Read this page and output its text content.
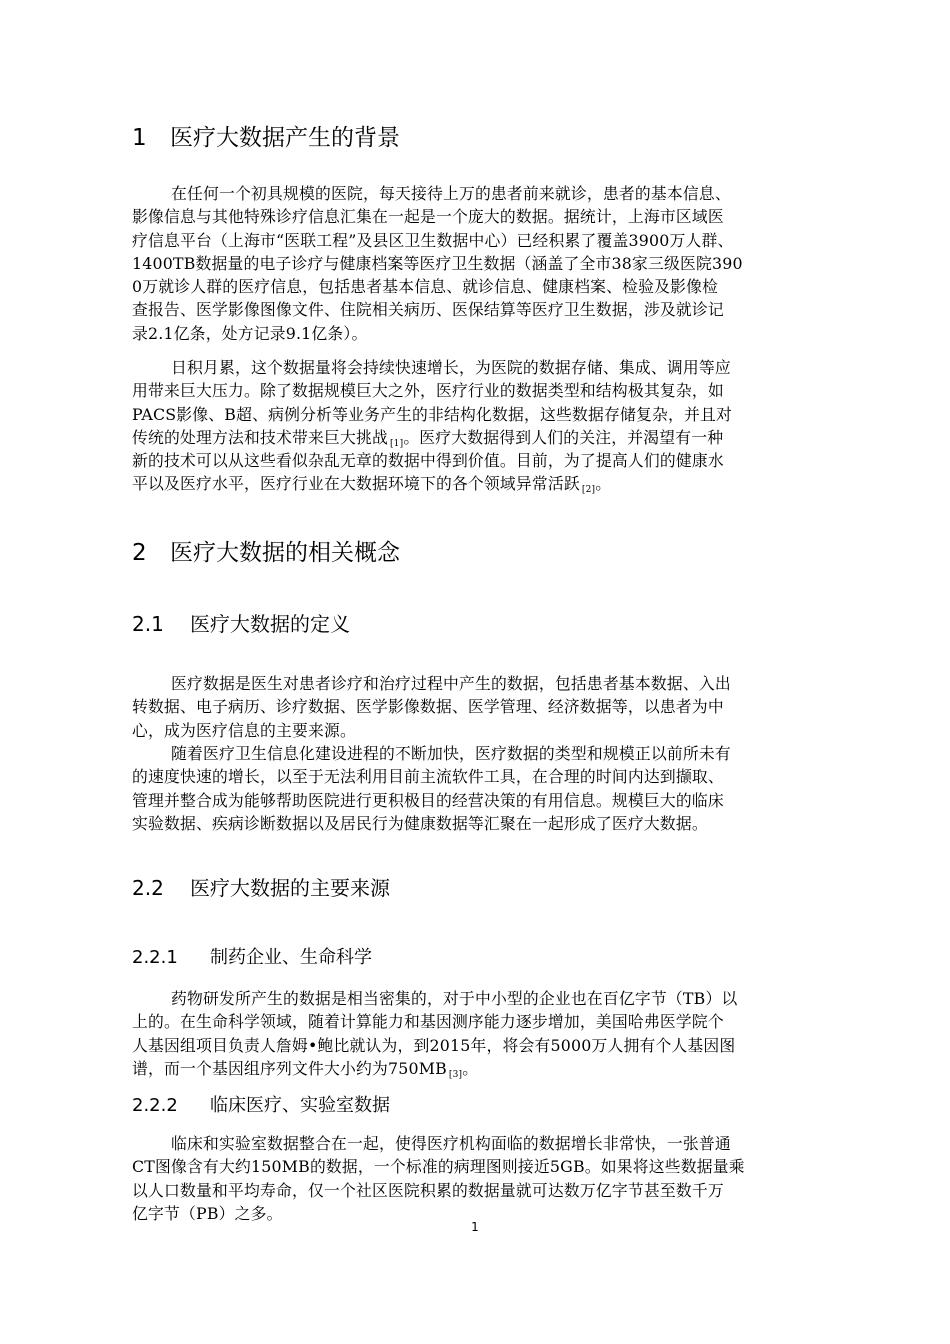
1 医疗大数据产生的背景
在任何一个初具规模的医院，每天接待上万的患者前来就诊，患者的基本信息、
影像信息与其他特殊诊疗信息汇集在一起是一个庞大的数据。据统计，上海市区域医
疗信息平台（上海市“医联工程”及县区卫生数据中心）已经积累了覆盖3900万人群、
1400TB数据量的电子诊疗与健康档案等医疗卫生数据（涵盖了全市38家三级医院390
0万就诊人群的医疗信息，包括患者基本信息、就诊信息、健康档案、检验及影像检
查报告、医学影像图像文件、住院相关病历、医保结算等医疗卫生数据，涉及就诊记
录2.1亿条，处方记录9.1亿条）。
日积月累，这个数据量将会持续快速增长，为医院的数据存储、集成、调用等应
用带来巨大压力。除了数据规模巨大之外，医疗行业的数据类型和结构极其复杂，如
PACS影像、B超、病例分析等业务产生的非结构化数据，这些数据存储复杂，并且对
传统的处理方法和技术带来巨大挑战 [1]。医疗大数据得到人们的关注，并渴望有一种
新的技术可以从这些看似杂乱无章的数据中得到价值。目前，为了提高人们的健康水
平以及医疗水平，医疗行业在大数据环境下的各个领域异常活跃 [2]。
2 医疗大数据的相关概念
2.1 医疗大数据的定义
医疗数据是医生对患者诊疗和治疗过程中产生的数据，包括患者基本数据、入出
转数据、电子病历、诊疗数据、医学影像数据、医学管理、经济数据等，以患者为中
心，成为医疗信息的主要来源。
随着医疗卫生信息化建设进程的不断加快，医疗数据的类型和规模正以前所未有
的速度快速的增长，以至于无法利用目前主流软件工具，在合理的时间内达到撷取、
管理并整合成为能够帮助医院进行更积极目的经营决策的有用信息。规模巨大的临床
实验数据、疾病诊断数据以及居民行为健康数据等汇聚在一起形成了医疗大数据。
2.2 医疗大数据的主要来源
2.2.1 制药企业、生命科学
药物研发所产生的数据是相当密集的，对于中小型的企业也在百亿字节（TB）以
上的。在生命科学领域，随着计算能力和基因测序能力逐步增加，美国哈弗医学院个
人基因组项目负责人詹姆•鲍比就认为，到2015年，将会有5000万人拥有个人基因图
谱，而一个基因组序列文件大小约为750MB [3]。
2.2.2 临床医疗、实验室数据
临床和实验室数据整合在一起，使得医疗机构面临的数据增长非常快，一张普通
CT图像含有大约150MB的数据，一个标准的病理图则接近5GB。如果将这些数据量乘
以人口数量和平均寿命，仅一个社区医院积累的数据量就可达数万亿字节甚至数千万
亿字节（PB）之多。
1
